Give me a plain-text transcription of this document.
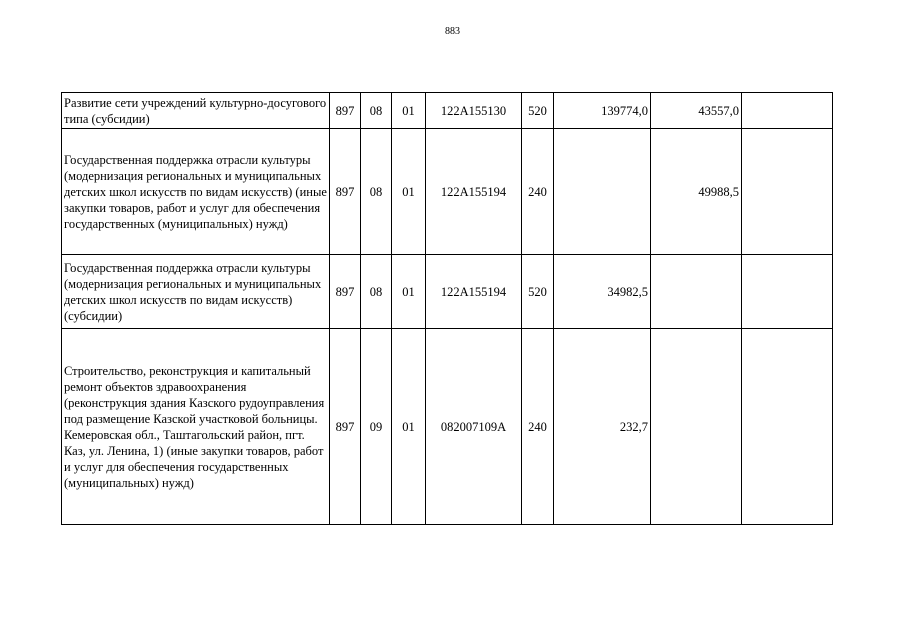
883
Развитие сети учреждений культурно-досугового типа (субсидии)	897	08	01	122A155130	520	139774,0	43557,0	
Государственная поддержка отрасли культуры (модернизация региональных и муниципальных детских школ искусств по видам искусств) (иные закупки товаров, работ и услуг для обеспечения государственных (муниципальных) нужд)	897	08	01	122A155194	240		49988,5	
Государственная поддержка отрасли культуры (модернизация региональных и муниципальных детских школ искусств по видам искусств) (субсидии)	897	08	01	122A155194	520	34982,5		
Строительство, реконструкция и капитальный ремонт объектов здравоохранения (реконструкция здания Казского рудоуправления под размещение Казской участковой больницы. Кемеровская обл., Таштагольский район, пгт. Каз, ул. Ленина, 1) (иные закупки товаров, работ и услуг для обеспечения государственных (муниципальных) нужд)	897	09	01	082007109А	240	232,7		
